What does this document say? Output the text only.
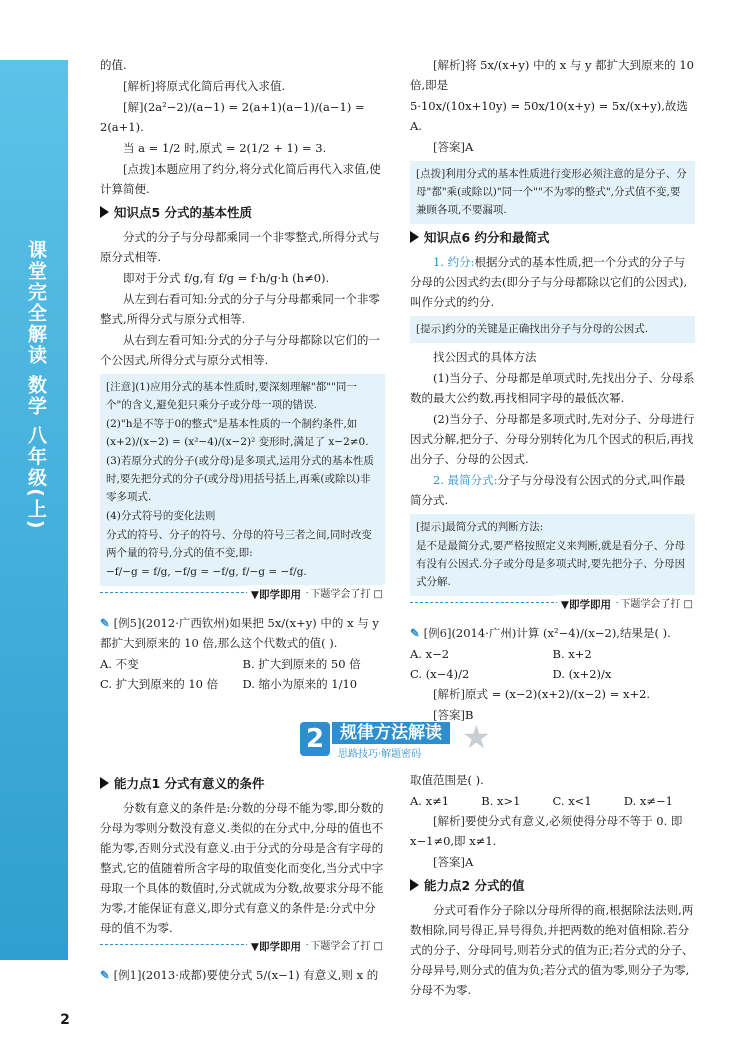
课堂完全解读 数学 八年级(上)
2

的值.

[解析]将原式化简后再代入求值.

[解](2a²−2)/(a−1) = 2(a+1)(a−1)/(a−1) = 2(a+1).

当 a = 1/2 时,原式 = 2(1/2 + 1) = 3.

[点拨]本题应用了约分,将分式化简后再代入求值,使计算简便.

知识点5 分式的基本性质

分式的分子与分母都乘同一个非零整式,所得分式与原分式相等.

即对于分式 f/g,有 f/g = f·h/g·h (h≠0).

从左到右看可知:分式的分子与分母都乘同一个非零整式,所得分式与原分式相等.

从右到左看可知:分式的分子与分母都除以它们的一个公因式,所得分式与原分式相等.

[注意](1)应用分式的基本性质时,要深刻理解"都""同一个"的含义,避免犯只乘分子或分母一项的错误.

(2)"h是不等于0的整式"是基本性质的一个制约条件,如 (x+2)/(x−2) = (x²−4)/(x−2)² 变形时,满足了 x−2≠0.

(3)若原分式的分子(或分母)是多项式,运用分式的基本性质时,要先把分式的分子(或分母)用括号括上,再乘(或除以)非零多项式.

(4)分式符号的变化法则

分式的符号、分子的符号、分母的符号三者之间,同时改变两个量的符号,分式的值不变,即:

−f/−g = f/g, −f/g = −f/g, f/−g = −f/g.

▼即学即用 下题学会了打 □

✎ [例5](2012·广西钦州)如果把 5x/(x+y) 中的 x 与 y 都扩大到原来的 10 倍,那么这个代数式的值( ).

A. 不变	B. 扩大到原来的 50 倍
C. 扩大到原来的 10 倍	D. 缩小为原来的 1/10

[解析]将 5x/(x+y) 中的 x 与 y 都扩大到原来的 10 倍,即是

5·10x/(10x+10y) = 50x/10(x+y) = 5x/(x+y),故选 A.

[答案]A

[点拨]利用分式的基本性质进行变形必须注意的是分子、分母"都"乘(或除以)"同一个""不为零的整式",分式值不变,要兼顾各项,不要漏项.

知识点6 约分和最简式

1. 约分:根据分式的基本性质,把一个分式的分子与分母的公因式约去(即分子与分母都除以它们的公因式),叫作分式的约分.

[提示]约分的关键是正确找出分子与分母的公因式.

找公因式的具体方法

(1)当分子、分母都是单项式时,先找出分子、分母系数的最大公约数,再找相同字母的最低次幂.

(2)当分子、分母都是多项式时,先对分子、分母进行因式分解,把分子、分母分别转化为几个因式的积后,再找出分子、分母的公因式.

2. 最简分式:分子与分母没有公因式的分式,叫作最简分式.

[提示]最简分式的判断方法:

是不是最简分式,要严格按照定义来判断,就是看分子、分母有没有公因式.分子或分母是多项式时,要先把分子、分母因式分解.

▼即学即用 下题学会了打 □

✎ [例6](2014·广州)计算 (x²−4)/(x−2),结果是( ).

A. x−2	B. x+2
C. (x−4)/2	D. (x+2)/x

[解析]原式 = (x−2)(x+2)/(x−2) = x+2.

[答案]B

2 规律方法解读
思路技巧·解题密码 ★
能力点1 分式有意义的条件

分数有意义的条件是:分数的分母不能为零,即分数的分母为零则分数没有意义.类似的在分式中,分母的值也不能为零,否则分式没有意义.由于分式的分母是含有字母的整式,它的值随着所含字母的取值变化而变化,当分式中字母取一个具体的数值时,分式就成为分数,故要求分母不能为零,才能保证有意义,即分式有意义的条件是:分式中分母的值不为零.

▼即学即用 下题学会了打 □

✎ [例1](2013·成都)要使分式 5/(x−1) 有意义,则 x 的

取值范围是( ).

A. x≠1	B. x>1	C. x<1	D. x≠−1

[解析]要使分式有意义,必须使得分母不等于 0. 即 x−1≠0,即 x≠1.

[答案]A

能力点2 分式的值

分式可看作分子除以分母所得的商,根据除法法则,两数相除,同号得正,异号得负,并把两数的绝对值相除.若分式的分子、分母同号,则若分式的值为正;若分式的分子、分母异号,则分式的值为负;若分式的值为零,则分子为零,分母不为零.
